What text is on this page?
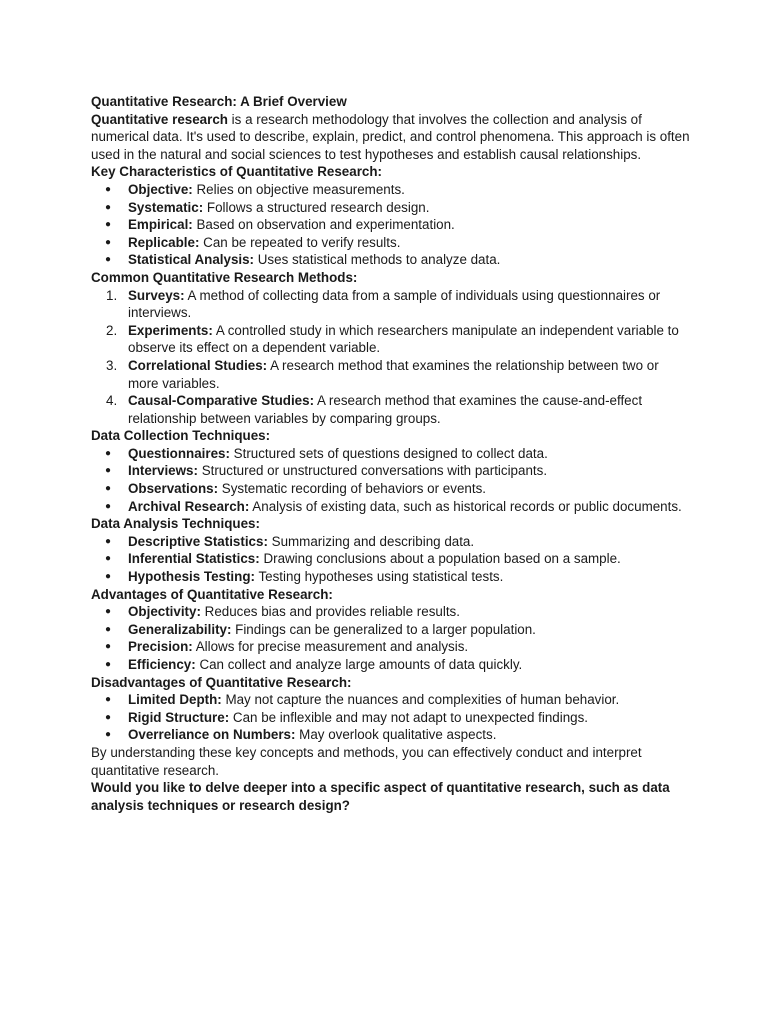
Quantitative Research: A Brief Overview

Quantitative research is a research methodology that involves the collection and analysis of numerical data. It's used to describe, explain, predict, and control phenomena. This approach is often used in the natural and social sciences to test hypotheses and establish causal relationships.

Key Characteristics of Quantitative Research:

● Objective: Relies on objective measurements.
● Systematic: Follows a structured research design.
● Empirical: Based on observation and experimentation.
● Replicable: Can be repeated to verify results.
● Statistical Analysis: Uses statistical methods to analyze data.

Common Quantitative Research Methods:

1. Surveys: A method of collecting data from a sample of individuals using questionnaires or interviews.
2. Experiments: A controlled study in which researchers manipulate an independent variable to observe its effect on a dependent variable.
3. Correlational Studies: A research method that examines the relationship between two or more variables.
4. Causal-Comparative Studies: A research method that examines the cause-and-effect relationship between variables by comparing groups.

Data Collection Techniques:

● Questionnaires: Structured sets of questions designed to collect data.
● Interviews: Structured or unstructured conversations with participants.
● Observations: Systematic recording of behaviors or events.
● Archival Research: Analysis of existing data, such as historical records or public documents.

Data Analysis Techniques:

● Descriptive Statistics: Summarizing and describing data.
● Inferential Statistics: Drawing conclusions about a population based on a sample.
● Hypothesis Testing: Testing hypotheses using statistical tests.

Advantages of Quantitative Research:

● Objectivity: Reduces bias and provides reliable results.
● Generalizability: Findings can be generalized to a larger population.
● Precision: Allows for precise measurement and analysis.
● Efficiency: Can collect and analyze large amounts of data quickly.

Disadvantages of Quantitative Research:

● Limited Depth: May not capture the nuances and complexities of human behavior.
● Rigid Structure: Can be inflexible and may not adapt to unexpected findings.
● Overreliance on Numbers: May overlook qualitative aspects.

By understanding these key concepts and methods, you can effectively conduct and interpret quantitative research.

Would you like to delve deeper into a specific aspect of quantitative research, such as data analysis techniques or research design?
